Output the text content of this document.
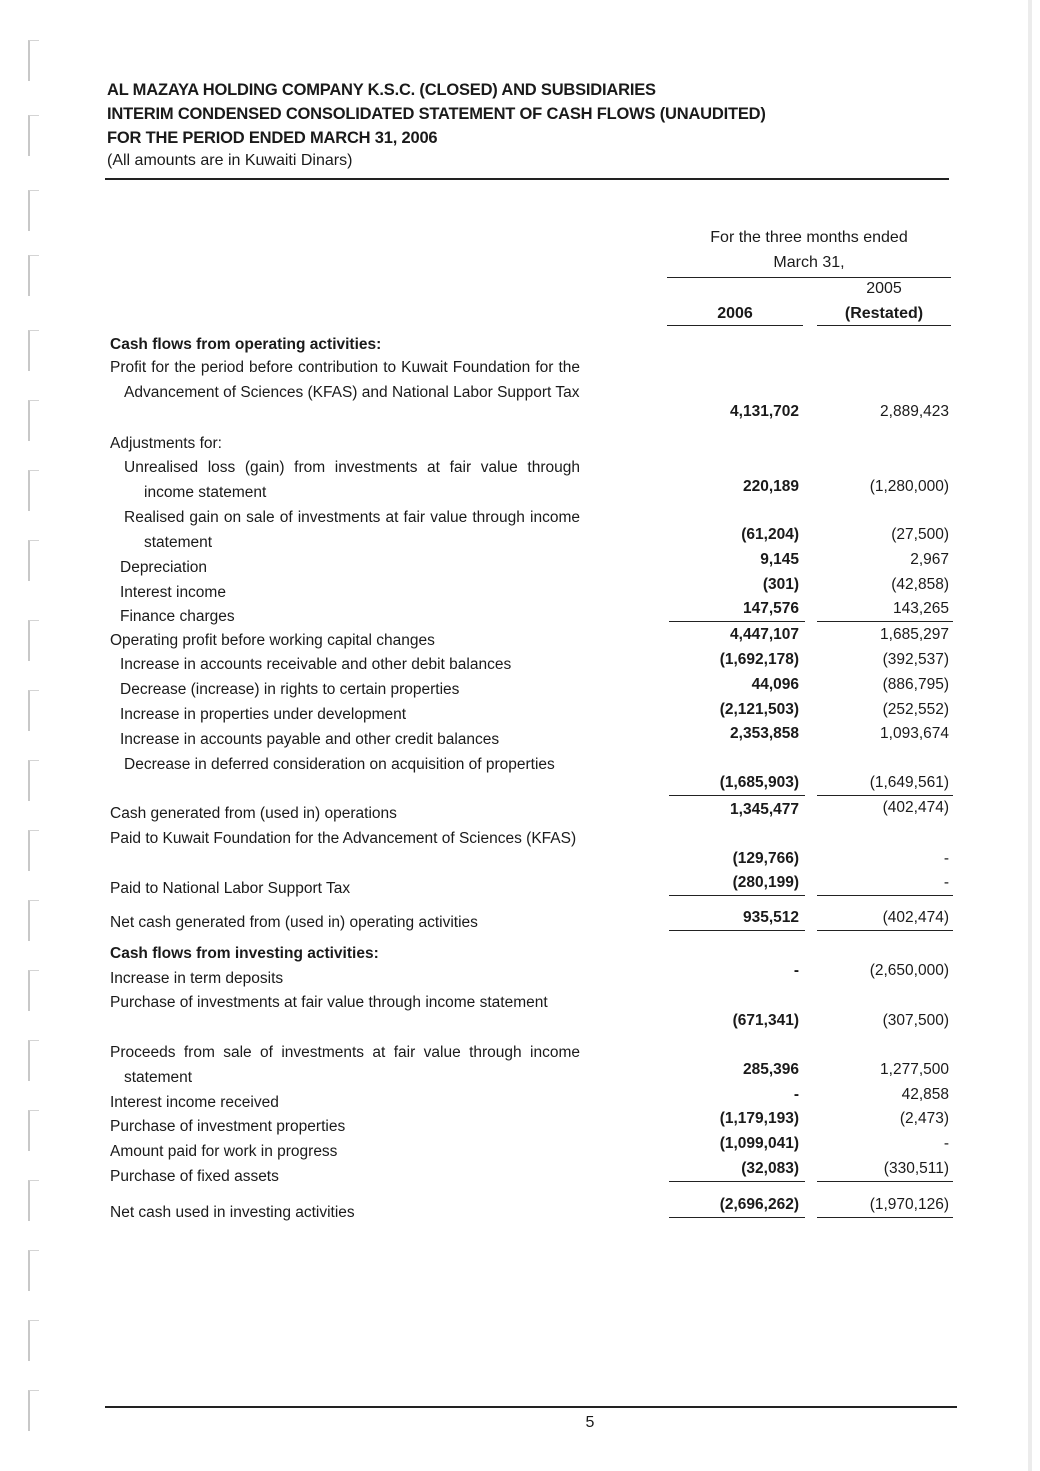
AL MAZAYA HOLDING COMPANY K.S.C. (CLOSED) AND SUBSIDIARIES
INTERIM CONDENSED CONSOLIDATED STATEMENT OF CASH FLOWS (UNAUDITED)
FOR THE PERIOD ENDED MARCH 31, 2006
(All amounts are in Kuwaiti Dinars)
For the three months ended
March 31,
2005
2006	(Restated)
Cash flows from operating activities:
Profit for the period before contribution to Kuwait Foundation for the Advancement of Sciences (KFAS) and National Labor Support Tax
4,131,702	2,889,423
Adjustments for:
Unrealised loss (gain) from investments at fair value through income statement	220,189	(1,280,000)
Realised gain on sale of investments at fair value through income statement	(61,204)	(27,500)
Depreciation	9,145	2,967
Interest income	(301)	(42,858)
Finance charges	147,576	143,265
Operating profit before working capital changes	4,447,107	1,685,297
Increase in accounts receivable and other debit balances	(1,692,178)	(392,537)
Decrease (increase) in rights to certain properties	44,096	(886,795)
Increase in properties under development	(2,121,503)	(252,552)
Increase in accounts payable and other credit balances	2,353,858	1,093,674
Decrease in deferred consideration on acquisition of properties
(1,685,903)	(1,649,561)
Cash generated from (used in) operations	1,345,477	(402,474)
Paid to Kuwait Foundation for the Advancement of Sciences (KFAS)
(129,766)	-
Paid to National Labor Support Tax	(280,199)	-
Net cash generated from (used in) operating activities	935,512	(402,474)
Cash flows from investing activities:
Increase in term deposits	-	(2,650,000)
Purchase of investments at fair value through income statement
(671,341)	(307,500)
Proceeds from sale of investments at fair value through income statement	285,396	1,277,500
Interest income received	-	42,858
Purchase of investment properties	(1,179,193)	(2,473)
Amount paid for work in progress	(1,099,041)	-
Purchase of fixed assets	(32,083)	(330,511)
Net cash used in investing activities	(2,696,262)	(1,970,126)
5
